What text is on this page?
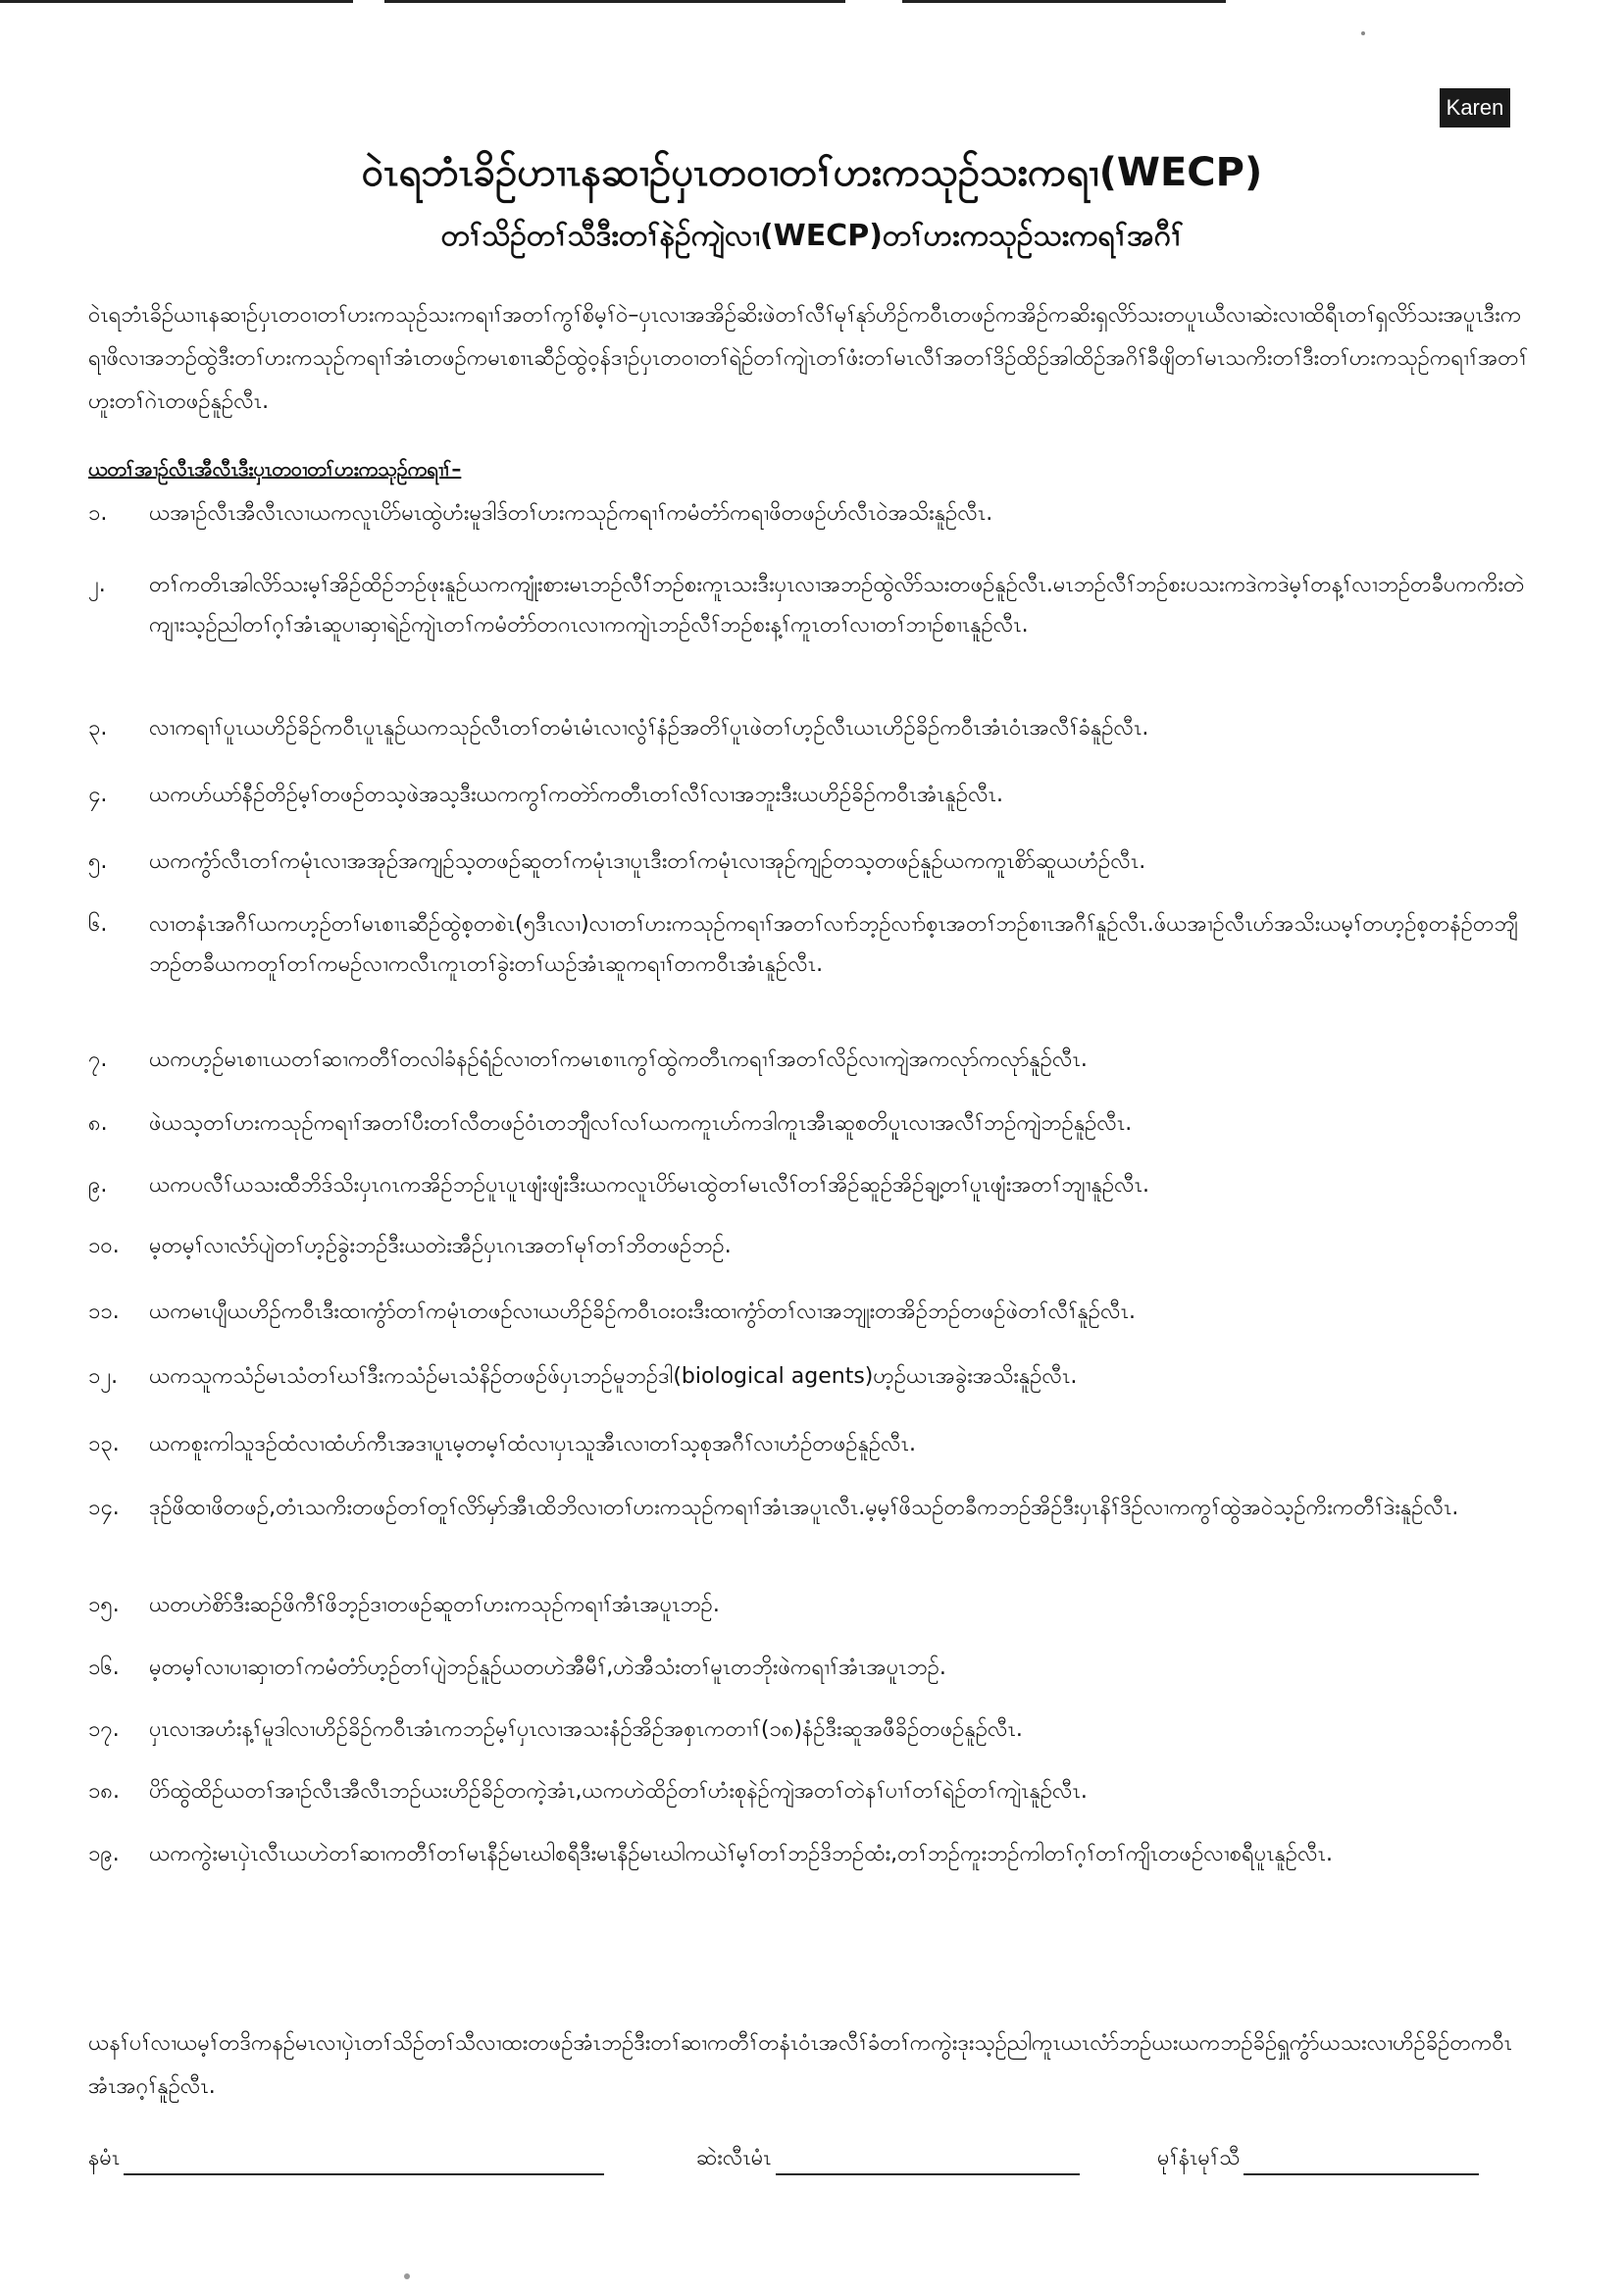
Karen
ဝဲၤရဘံၤခိဉ်ပာၢၤနဆၢဉ်ပှၤတဝၢတၢ်ဟးကသုဉ်သးကရၢ(WECP)
တၢ်သိဉ်တၢ်သီဒီးတၢ်နဲဉ်ကျဲလၢ(WECP)တၢ်ဟးကသုဉ်သးကရၢ်အဂီၢ်
ဝဲၤရဘံၤခိဉ်ယၢၤနဆၢဉ်ပှၤတဝၢတၢ်ဟးကသုဉ်သးကရၢၢ်အတၢ်ကွၢ်စိမ့ၢ်ဝဲ–ပှၤလၢအအိဉ်ဆိးဖဲတၢ်လီၢ်မုၢ်နုာ်ဟိဉ်ကဝီၤတဖဉ်ကအိဉ်ကဆိးရှလိာ်သးတပူၤယီလၢဆဲးလၢထိရီၤတၢ်ရှလိာ်သးအပူၤဒီးကရၢဖိလၢအဘဉ်ထွဲဒီးတၢ်ဟးကသုဉ်ကရၢၢ်အံၤတဖဉ်ကမၤစၢၤဆီဉ်ထွဲဝ့န်ဒၢဉ်ပှၤတဝၢတၢ်ရဲဉ်တၢ်ကျဲၤတၢ်ဖံးတၢ်မၤလီၢ်အတၢ်ဒိဉ်ထိဉ်အါထိဉ်အဂိၢ်ခီဖျိတၢ်မၤသကိးတၢ်ဒီးတၢ်ဟးကသုဉ်ကရၢၢ်အတၢ်ဟူးတၢ်ဂဲၤတဖဉ်နူဉ်လီၤ.
ယတၢ်အၢဉ်လီၤအီလီၤဒီးပှၤတဝၢတၢ်ဟးကသုဉ်ကရၢၢ်–
၁.	ယအၢဉ်လီၤအီလီၤလၢယကလူၤပိာ်မၤထွဲဟံးမူဒါဒ်တၢ်ဟးကသုဉ်ကရၢၢ်ကမံတံာ်ကရၢဖိတဖဉ်ဟ်လီၤဝဲအသိးနူဉ်လီၤ.
၂.	တၢ်ကတိၤအါလိာ်သးမ့ၢ်အိဉ်ထိဉ်ဘဉ်ဖုးနူဉ်ယကကျုံးစားမၤဘဉ်လီၢ်ဘဉ်စးကူၤသးဒီးပှၤလၢအဘဉ်ထွဲလိာ်သးတဖဉ်နူဉ်လီၤ.မၤဘဉ်လီၢ်ဘဉ်စးပသးကဒဲကဒဲမ့ၢ်တန့ၢ်လၢဘဉ်တခီပကကိးတဲကျၢးသ့ဉ်ညါတၢ်ဂ့ၢ်အံၤဆူပၢဆှၢရဲဉ်ကျဲၤတၢ်ကမံတံာ်တဂၤလၢကကျဲၤဘဉ်လီၢ်ဘဉ်စးန့ၢ်ကူၤတၢ်လၢတၢ်ဘၢဉ်စၢၤနူဉ်လီၤ.
၃.	လၢကရၢၢ်ပူၤယဟိဉ်ခိဉ်ကဝီၤပူၤနူဉ်ယကသုဉ်လီၤတၢ်တမံၤမံၤလၢလွံၢ်နံဉ်အတိၢ်ပူၤဖဲတၢ်ဟ့ဉ်လီၤယၤဟိဉ်ခိဉ်ကဝီၤအံၤဝံၤအလီၢ်ခံနူဉ်လီၤ.
၄.	ယကဟ်ယာ်နီဉ်တိဉ်မ့ၢ်တဖဉ်တသ့ဖဲအသ့ဒီးယကကွၢ်ကတဲာ်ကတီၤတၢ်လီၢ်လၢအဘူးဒီးယဟိဉ်ခိဉ်ကဝီၤအံၤနူဉ်လီၤ.
၅.	ယကကွံာ်လီၤတၢ်ကမုံၤလၢအအုဉ်အကျဉ်သ့တဖဉ်ဆူတၢ်ကမုံၤဒၢပူၤဒီးတၢ်ကမုံၤလၢအုဉ်ကျဉ်တသ့တဖဉ်နူဉ်ယကကူၤစိာ်ဆူယဟံဉ်လီၤ.
၆.	လၢတနံၤအဂီၢ်ယကဟ့ဉ်တၢ်မၤစၢၤဆီဉ်ထွဲစ့တစဲၤ(၅ဒီၤလၢ)လၢတၢ်ဟးကသုဉ်ကရၢၢ်အတၢ်လၢာ်ဘ့ဉ်လၢာ်စ့ၤအတၢ်ဘဉ်စၢၤအဂီၢ်နူဉ်လီၤ.ဖ်ယအၢဉ်လီၤဟ်အသိးယမ့ၢ်တဟ့ဉ်စ့တနံဉ်တဘျီဘဉ်တခီယကတူၢ်တၢ်ကမဉ်လၢကလီၤကူၤတၢ်ခွဲးတၢ်ယဉ်အံၤဆူကရၢၢ်တကဝီၤအံၤနူဉ်လီၤ.
၇.	ယကဟ့ဉ်မၤစၢၤယတၢ်ဆၢကတီၢ်တလါခံနဉ်ရံဉ်လၢတၢ်ကမၤစၢၤကွၢ်ထွဲကတီၤကရၢၢ်အတၢ်လိဉ်လၢကျဲအကလုာ်ကလုာ်နူဉ်လီၤ.
၈.	ဖဲယသ့တၢ်ဟးကသုဉ်ကရၢၢ်အတၢ်ပီးတၢ်လီတဖဉ်ဝံၤတဘျီလၢ်လၢ်ယကကူၤဟ်ကဒါကူၤအီၤဆူစတိပူၤလၢအလီၢ်ဘဉ်ကျဲဘဉ်နူဉ်လီၤ.
၉.	ယကပလီၢ်ယသးထီဘိဒ်သိးပှၤဂၤကအိဉ်ဘဉ်ပူၤပူၤဖျံးဖျံးဒီးယကလူၤပိာ်မၤထွဲတၢ်မၤလီၢ်တၢ်အိဉ်ဆူဉ်အိဉ်ချ့တၢ်ပူၤဖျံးအတၢ်ဘျၢနူဉ်လီၤ.
၁၀.	မ့တမ့ၢ်လၢလံာ်ပျဲတၢ်ဟ့ဉ်ခွဲးဘဉ်ဒီးယတဲးအီဉ်ပှၤဂၤအတၢ်မုၢ်တၢ်ဘိတဖဉ်ဘဉ်.
၁၁.	ယကမၤပျီယဟိဉ်ကဝီၤဒီးထၢကွံာ်တၢ်ကမုံၤတဖဉ်လၢယဟိဉ်ခိဉ်ကဝီၤဝးဝးဒီးထၢကွံာ်တၢ်လၢအဘျုးတအိဉ်ဘဉ်တဖဉ်ဖဲတၢ်လီၢ်နူဉ်လီၤ.
၁၂.	ယကသူကသံဉ်မၤသံတၢ်ဃၢ်ဒီးကသံဉ်မၤသံနိဉ်တဖဉ်ဖ်ပှၤဘဉ်မူဘဉ်ဒါ(biological agents)ဟ့ဉ်ယၤအခွဲးအသိးနူဉ်လီၤ.
၁၃.	ယကစူးကါသူဒဉ်ထံလၢထံဟ်ကီၤအဒၢပူၤမ့တမ့ၢ်ထံလၢပှၤသူအီၤလၢတၢ်သ့စုအဂီၢ်လၢဟံဉ်တဖဉ်နူဉ်လီၤ.
၁၄.	ဒုဉ်ဖိထၢဖိတဖဉ်,တံၤသကိးတဖဉ်တၢ်တူၢ်လိာ်မှာ်အီၤထိဘိလၢတၢ်ဟးကသုဉ်ကရၢၢ်အံၤအပူၤလီၤ.မ့မ့ၢ်ဖိသဉ်တခီကဘဉ်အိဉ်ဒီးပှၤနိၢ်ဒိဉ်လၢကကွၢ်ထွဲအဝဲသ့ဉ်ကိးကတီၢ်ဒဲးနူဉ်လီၤ.
၁၅.	ယတဟဲစိာ်ဒီးဆဉ်ဖိကီၢ်ဖိဘ့ဉ်ဒၢတဖဉ်ဆူတၢ်ဟးကသုဉ်ကရၢၢ်အံၤအပူၤဘဉ်.
၁၆.	မ့တမ့ၢ်လၢပၢဆှၢတၢ်ကမံတံာ်ဟ့ဉ်တၢ်ပျဲဘဉ်နူဉ်ယတဟဲအီမီၢ်,ဟဲအီသံးတၢ်မူၤတဘိုးဖဲကရၢၢ်အံၤအပူၤဘဉ်.
၁၇.	ပှၤလၢအဟံးန့ၢ်မူဒါလၢဟိဉ်ခိဉ်ကဝီၤအံၤကဘဉ်မ့ၢ်ပှၤလၢအသးနံဉ်အိဉ်အစှၤကတၢၢ်(၁၈)နံဉ်ဒီးဆူအဖီခိဉ်တဖဉ်နူဉ်လီၤ.
၁၈.	ပိာ်ထွဲထိဉ်ယတၢ်အၢဉ်လီၤအီလီၤဘဉ်ယးဟိဉ်ခိဉ်တကဲ့အံၤ,ယကဟဲထိဉ်တၢ်ဟံးစုနဲဉ်ကျဲအတၢ်တဲနၢ်ပၢၢ်တၢ်ရဲဉ်တၢ်ကျဲၤနူဉ်လီၤ.
၁၉.	ယကကွဲးမၤပှဲၤလီၤယဟဲတၢ်ဆၢကတီၢ်တၢ်မၤနီဉ်မၤဃါစရီဒီးမၤနီဉ်မၤဃါကယဲၢ်မ့ၢ်တၢ်ဘဉ်ဒိဘဉ်ထံး,တၢ်ဘဉ်ကူးဘဉ်ကါတၢ်ဂ့ၢ်တၢ်ကျိၤတဖဉ်လၢစရီပူၤနူဉ်လီၤ.
ယနၢ်ပၢ်လၢယမ့ၢ်တဒိကနဉ်မၤလၢပှဲၤတၢ်သိဉ်တၢ်သီလၢထးတဖဉ်အံၤဘဉ်ဒီးတၢ်ဆၢကတီၢ်တနံၤဝံၤအလီၢ်ခံတၢ်ကကွဲးဒုးသ့ဉ်ညါကူၤယၤလံာ်ဘဉ်ယးယကဘဉ်ခိဉ်ရှူကွံာ်ယသးလၢဟိဉ်ခိဉ်တကဝီၤအံၤအဂ့ၢ်နူဉ်လီၤ.
နမံၤ	ဆဲးလီၤမံၤ	မုၢ်နံၤမုၢ်သီ
